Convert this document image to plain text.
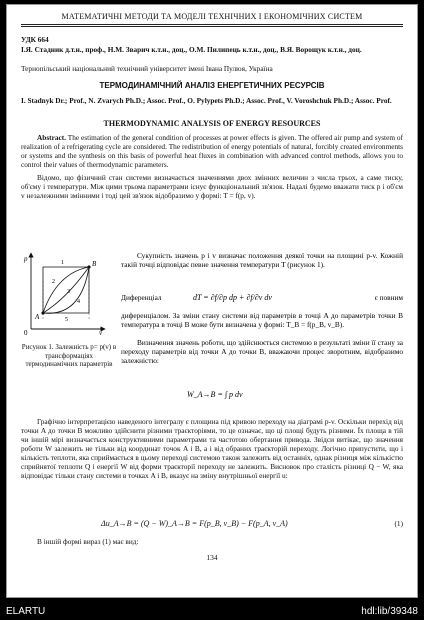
МАТЕМАТИЧНІ МЕТОДИ ТА МОДЕЛІ ТЕХНІЧНИХ І ЕКОНОМІЧНИХ СИСТЕМ
УДК 664
І.Я. Стадник д.т.н., проф., Н.М. Зварич к.т.н., доц., О.М. Пилипець к.т.н., доц., В.Я. Ворощук к.т.н., доц.
Тернопільський національний технічний університет імені Івана Пулюя, Україна
ТЕРМОДИНАМІЧНИЙ АНАЛІЗ ЕНЕРГЕТИЧНИХ РЕСУРСІВ
I. Stadnyk Dr.; Prof., N. Zvarych Ph.D.; Assoc. Prof., O. Pylypets Ph.D.; Assoc. Prof., V. Voroshchuk Ph.D.; Assoc. Prof.
THERMODYNAMIC ANALYSIS OF ENERGY RESOURCES
Abstract. The estimation of the general condition of processes at power effects is given. The offered air pump and system of realization of a refrigerating cycle are considered. The redistribution of energy potentials of natural, forcibly created environments or systems and the synthesis on this basis of powerful heat fluxes in combination with advanced control methods, allows you to control their values of thermodynamic parameters.
Відомо, що фізичний стан системи визначається значеннями двох змінних величин з числа трьох, а саме тиску, об'єму і температури. Між цими трьома параметрами існує функціональний зв'язок. Надалі будемо вважати тиск p і об'єм v незалежними змінними і тоді цей зв'язок відобразимо у формі: T = f(p, v).
p
v
0
A
B
1
2
3
4
5
Рисунок 1. Залежність p= p(v) в трансформаціях термодинамічних параметрів
Сукупність значень p і v визначає положення деякої точки на площині p-v. Кожній такій точці відповідає певне значення температури T (рисунок 1).
Диференціал	dT = ∂f/∂p dp + ∂f/∂v dv	є повним
диференціалом. За зміни стану системи від параметрів в точці A до параметрів точки B температура в точці B може бути визначена у формі: T_B = f(p_B, v_B).
Визначення значень роботи, що здійснюється системою в результаті зміни її стану за переходу параметрів від точки A до точки B, вважаючи процес зворотним, відобразимо залежністю:
W_A→B = ∫ p dv
Графічно інтерпретацією наведеного інтегралу є площина під кривою переходу на діаграмі p-v. Оскільки перехід від точки A до точки B можливо здійснити різними траєкторіями, то це означає, що ці площі будуть різними. Їх площа в тій чи іншій мірі визначається конструктивними параметрами та частотою обертання привода. Звідси витікає, що значення роботи W залежить не тільки від координат точок A і B, а і від обраних траєкторій переходу. Логічно припустити, що і кількість теплоти, яка сприймається в цьому переході системою також залежить від останніх, однак різниця між кількістю сприйнятої теплоти Q і енергії W від форми траєкторії переходу не залежить. Висновок про сталість різниці Q − W, яка відповідає тільки стану системи в точках A і B, вказує на зміну внутрішньої енергії u:
Δu_A→B = (Q − W)_A→B = F(p_B, v_B) − F(p_A, v_A)	(1)
В іншій формі вираз (1) має вид:
134
ELARTU	hdl:lib/39348
